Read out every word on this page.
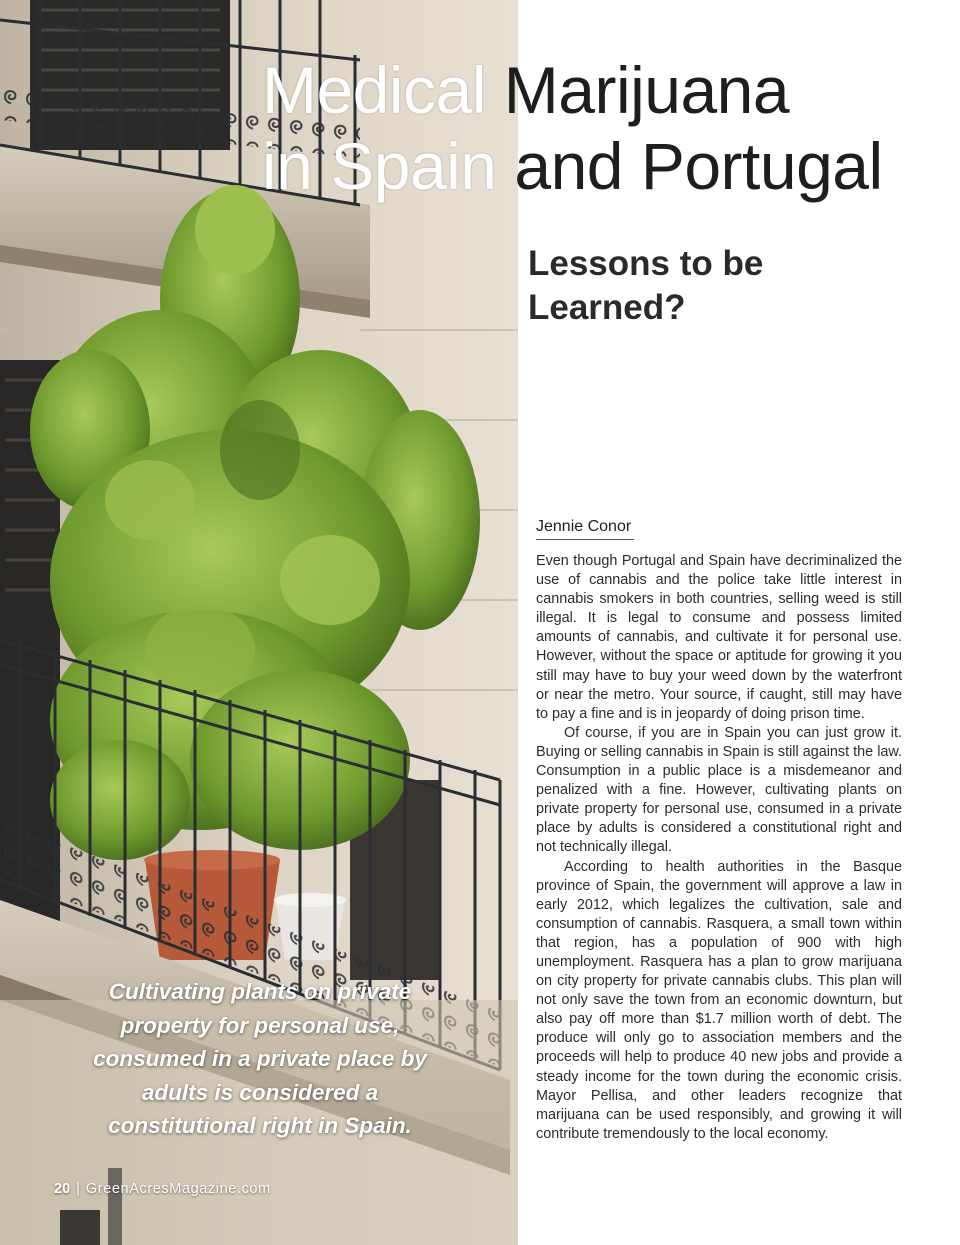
Medical Marijuana
in Spain and Portugal
Lessons to be Learned?
Jennie Conor

Even though Portugal and Spain have decriminalized the use of cannabis and the police take little interest in cannabis smokers in both countries, selling weed is still illegal. It is legal to consume and possess limited amounts of cannabis, and cultivate it for personal use. However, without the space or aptitude for growing it you still may have to buy your weed down by the waterfront or near the metro. Your source, if caught, still may have to pay a fine and is in jeopardy of doing prison time.

Of course, if you are in Spain you can just grow it. Buying or selling cannabis in Spain is still against the law. Consumption in a public place is a misdemeanor and penalized with a fine. However, cultivating plants on private property for personal use, consumed in a private place by adults is considered a constitutional right and not technically illegal.

According to health authorities in the Basque province of Spain, the government will approve a law in early 2012, which legalizes the cultivation, sale and consumption of cannabis. Rasquera, a small town within that region, has a population of 900 with high unemployment. Rasquera has a plan to grow marijuana on city property for private cannabis clubs. This plan will not only save the town from an economic downturn, but also pay off more than $1.7 million worth of debt. The produce will only go to association members and the proceeds will help to produce 40 new jobs and provide a steady income for the town during the economic crisis. Mayor Pellisa, and other leaders recognize that marijuana can be used responsibly, and growing it will contribute tremendously to the local economy.

Cultivating plants on private property for personal use, consumed in a private place by adults is considered a constitutional right in Spain.

20 | GreenAcresMagazine.com
